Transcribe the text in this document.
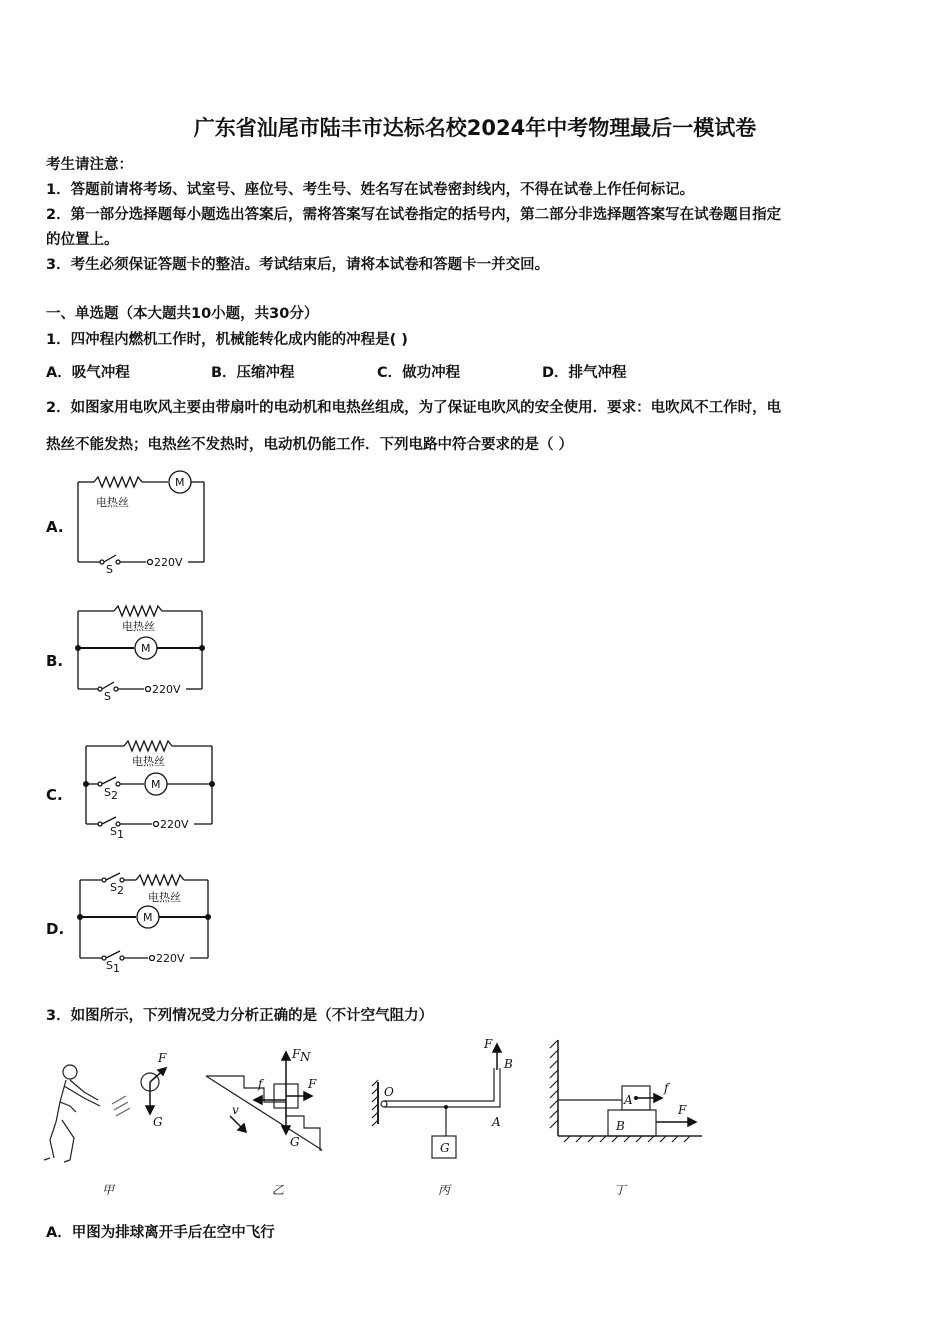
广东省汕尾市陆丰市达标名校2024年中考物理最后一模试卷
考生请注意：
1．答题前请将考场、试室号、座位号、考生号、姓名写在试卷密封线内，不得在试卷上作任何标记。
2．第一部分选择题每小题选出答案后，需将答案写在试卷指定的括号内，第二部分非选择题答案写在试卷题目指定
的位置上。
3．考生必须保证答题卡的整洁。考试结束后，请将本试卷和答题卡一并交回。
一、单选题（本大题共10小题，共30分）
1．四冲程内燃机工作时，机械能转化成内能的冲程是( )
A．吸气冲程	B．压缩冲程	C．做功冲程	D．排气冲程
2．如图家用电吹风主要由带扇叶的电动机和电热丝组成，为了保证电吹风的安全使用．要求：电吹风不工作时，电
热丝不能发热；电热丝不发热时，电动机仍能工作．下列电路中符合要求的是（ ）
A.
B.
C.
D.
M
电热丝
S
220V
M
电热丝
S
220V
M
电热丝
S 2
S 1
220V
M
电热丝
S 2
S 1
220V
3．如图所示，下列情况受力分析正确的是（不计空气阻力）
F
G
甲
F N
F
f
G
v
乙
F
B
O
A
G
丙
f
F
A
B
丁
A．甲图为排球离开手后在空中飞行
